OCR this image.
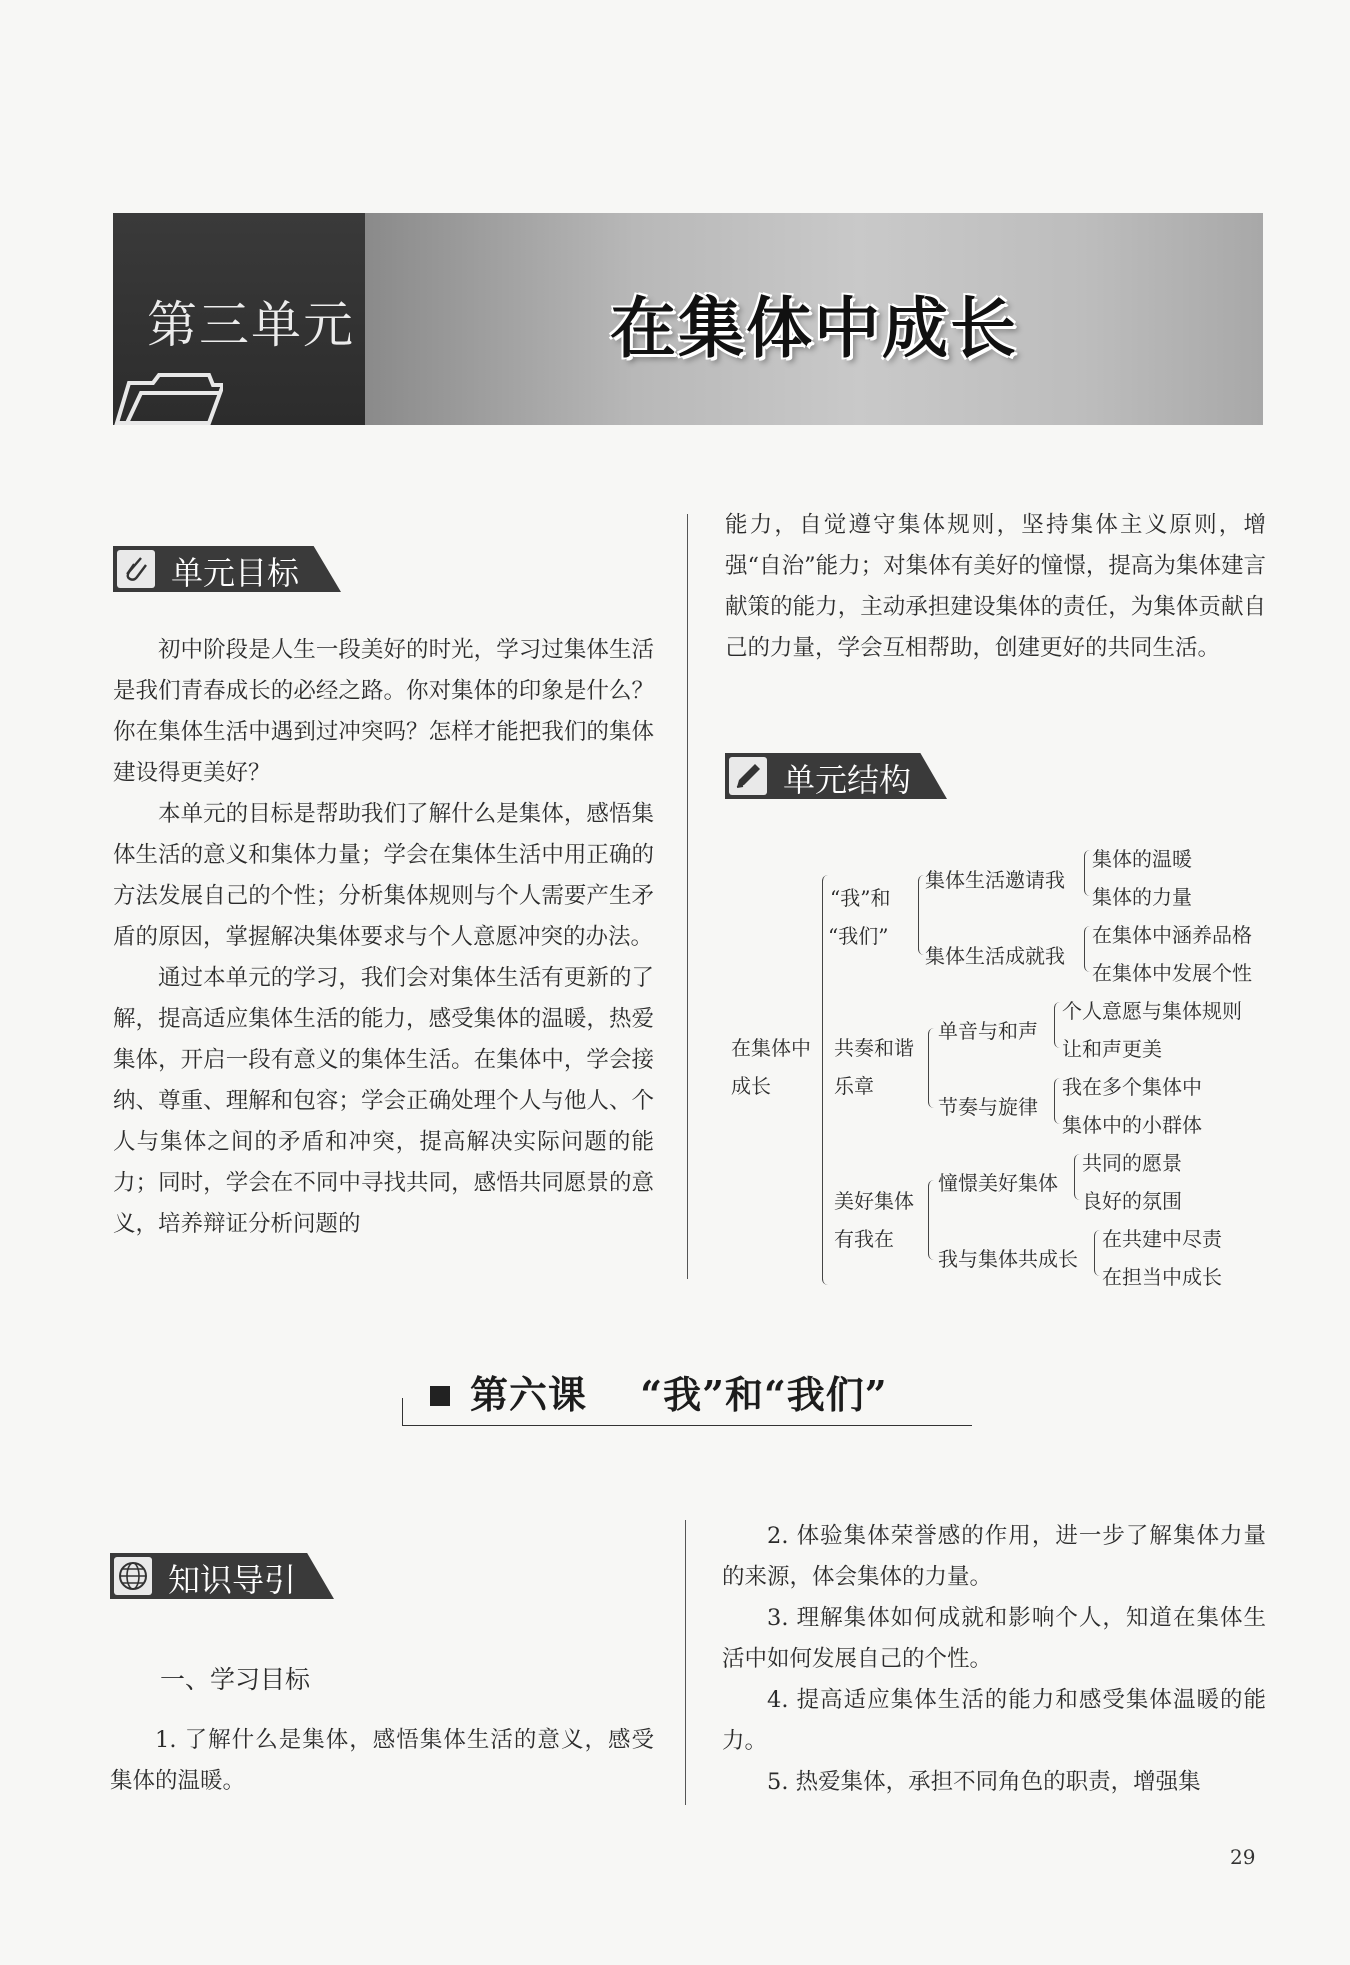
第三单元	在集体中成长
单元目标

初中阶段是人生一段美好的时光，学习过集体生活是我们青春成长的必经之路。你对集体的印象是什么？你在集体生活中遇到过冲突吗？怎样才能把我们的集体建设得更美好？

本单元的目标是帮助我们了解什么是集体，感悟集体生活的意义和集体力量；学会在集体生活中用正确的方法发展自己的个性；分析集体规则与个人需要产生矛盾的原因，掌握解决集体要求与个人意愿冲突的办法。

通过本单元的学习，我们会对集体生活有更新的了解，提高适应集体生活的能力，感受集体的温暖，热爱集体，开启一段有意义的集体生活。在集体中，学会接纳、尊重、理解和包容；学会正确处理个人与他人、个人与集体之间的矛盾和冲突，提高解决实际问题的能力；同时，学会在不同中寻找共同，感悟共同愿景的意义，培养辩证分析问题的

能力，自觉遵守集体规则，坚持集体主义原则，增强“自治”能力；对集体有美好的憧憬，提高为集体建言献策的能力，主动承担建设集体的责任，为集体贡献自己的力量，学会互相帮助，创建更好的共同生活。

单元结构
在集体中
成长
“我”和
“我们”
集体生活邀请我
集体的温暖
集体的力量
集体生活成就我
在集体中涵养品格
在集体中发展个性
共奏和谐
乐章
单音与和声
个人意愿与集体规则
让和声更美
节奏与旋律
我在多个集体中
集体中的小群体
美好集体
有我在
憧憬美好集体
共同的愿景
良好的氛围
我与集体共成长
在共建中尽责
在担当中成长
第六课　 “我”和“我们”
知识导引
一、学习目标

1. 了解什么是集体，感悟集体生活的意义，感受集体的温暖。

2. 体验集体荣誉感的作用，进一步了解集体力量的来源，体会集体的力量。

3. 理解集体如何成就和影响个人，知道在集体生活中如何发展自己的个性。

4. 提高适应集体生活的能力和感受集体温暖的能力。

5. 热爱集体，承担不同角色的职责，增强集

29
